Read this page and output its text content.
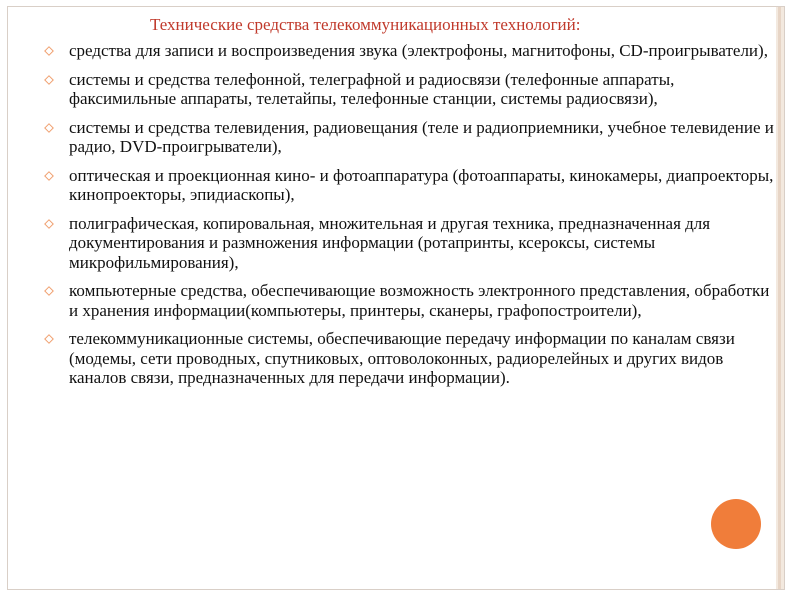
Технические средства телекоммуникационных технологий:
средства для записи и воспроизведения звука (электрофоны, магнитофоны, CD-проигрыватели),
системы и средства телефонной, телеграфной и радиосвязи (телефонные аппараты, факсимильные аппараты, телетайпы, телефонные станции, системы радиосвязи),
системы и средства телевидения, радиовещания (теле и радиоприемники, учебное телевидение и радио, DVD-проигрыватели),
оптическая и проекционная кино- и фотоаппаратура (фотоаппараты, кинокамеры, диапроекторы, кинопроекторы, эпидиаскопы),
полиграфическая, копировальная, множительная и другая техника, предназначенная для документирования и размножения информации (ротапринты, ксероксы, системы микрофильмирования),
компьютерные средства, обеспечивающие возможность электронного представления, обработки и хранения информации(компьютеры, принтеры, сканеры, графопостроители),
телекоммуникационные системы, обеспечивающие передачу информации по каналам связи (модемы, сети проводных, спутниковых, оптоволоконных, радиорелейных и других видов каналов связи, предназначенных для передачи информации).
